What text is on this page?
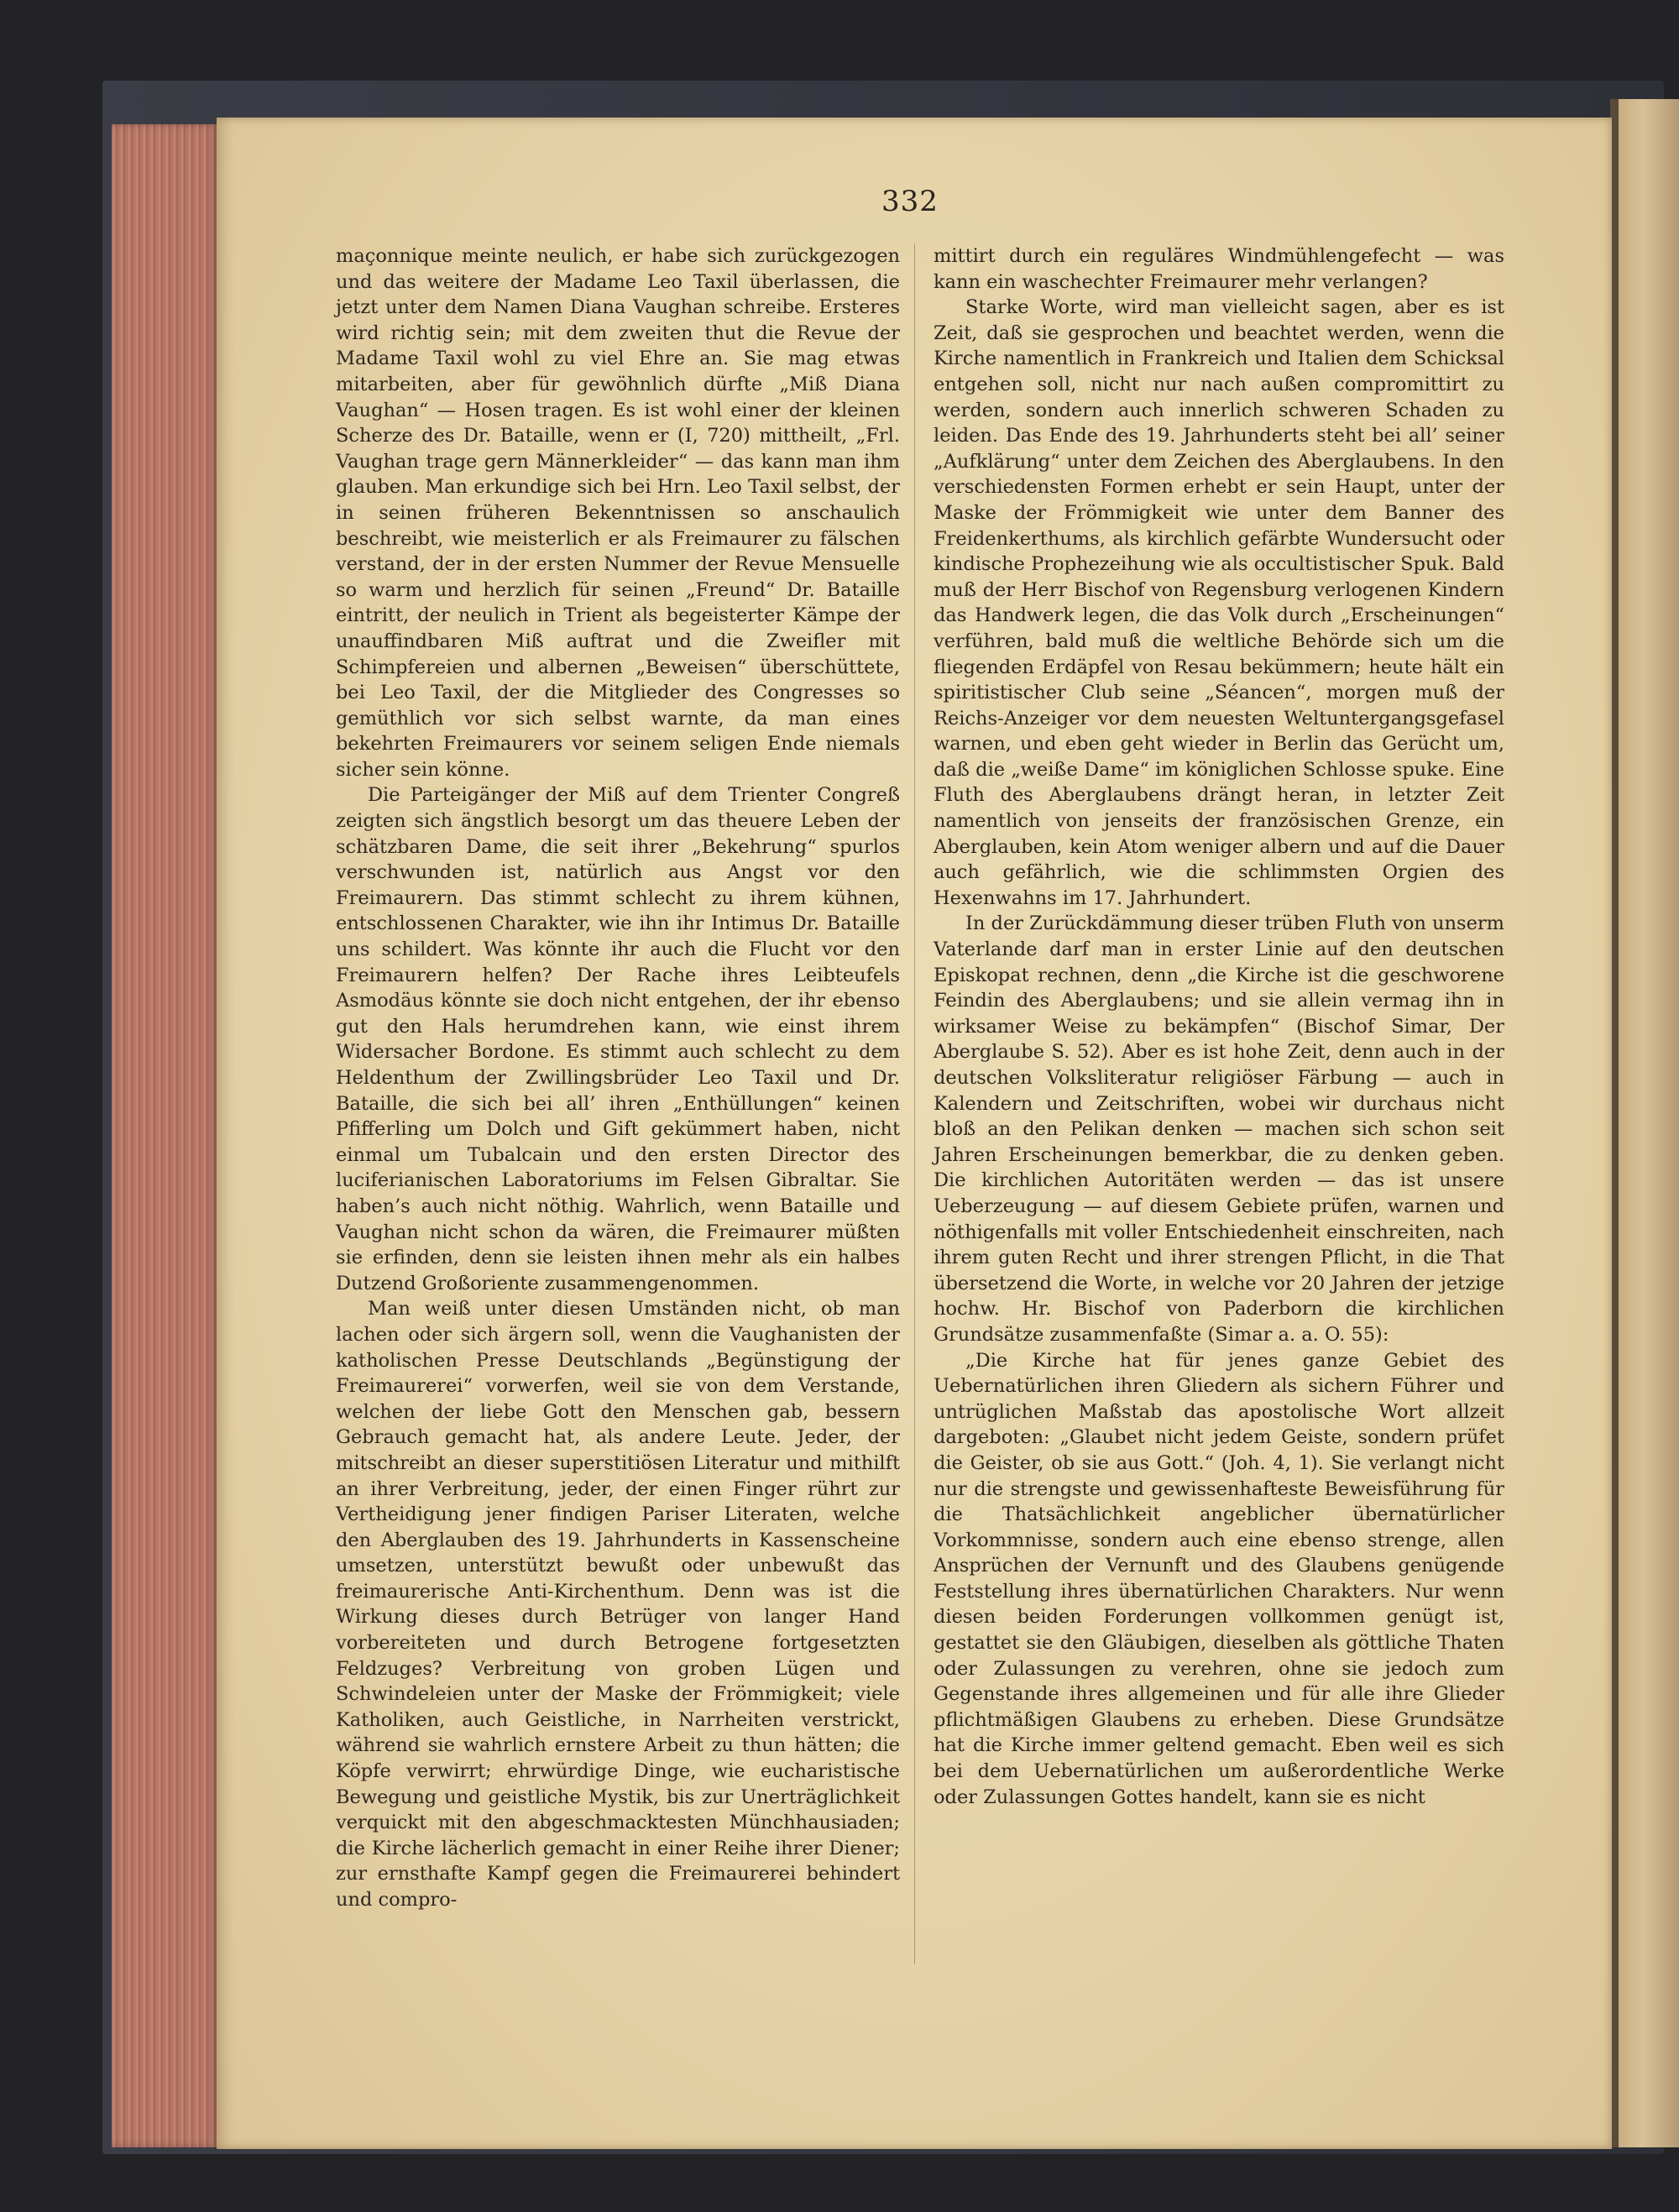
332

maçonnique meinte neulich, er habe sich zurückgezogen und das weitere der Madame Leo Taxil überlassen, die jetzt unter dem Namen Diana Vaughan schreibe. Ersteres wird richtig sein; mit dem zweiten thut die Revue der Madame Taxil wohl zu viel Ehre an. Sie mag etwas mitarbeiten, aber für gewöhnlich dürfte „Miß Diana Vaughan“ — Hosen tragen. Es ist wohl einer der kleinen Scherze des Dr. Bataille, wenn er (I, 720) mittheilt, „Frl. Vaughan trage gern Männerkleider“ — das kann man ihm glauben. Man erkundige sich bei Hrn. Leo Taxil selbst, der in seinen früheren Bekenntnissen so anschaulich beschreibt, wie meisterlich er als Freimaurer zu fälschen verstand, der in der ersten Nummer der Revue Mensuelle so warm und herzlich für seinen „Freund“ Dr. Bataille eintritt, der neulich in Trient als begeisterter Kämpe der unauffindbaren Miß auftrat und die Zweifler mit Schimpfereien und albernen „Beweisen“ überschüttete, bei Leo Taxil, der die Mitglieder des Congresses so gemüthlich vor sich selbst warnte, da man eines bekehrten Freimaurers vor seinem seligen Ende niemals sicher sein könne.

Die Parteigänger der Miß auf dem Trienter Congreß zeigten sich ängstlich besorgt um das theuere Leben der schätzbaren Dame, die seit ihrer „Bekehrung“ spurlos verschwunden ist, natürlich aus Angst vor den Freimaurern. Das stimmt schlecht zu ihrem kühnen, entschlossenen Charakter, wie ihn ihr Intimus Dr. Bataille uns schildert. Was könnte ihr auch die Flucht vor den Freimaurern helfen? Der Rache ihres Leibteufels Asmodäus könnte sie doch nicht entgehen, der ihr ebenso gut den Hals herumdrehen kann, wie einst ihrem Widersacher Bordone. Es stimmt auch schlecht zu dem Heldenthum der Zwillingsbrüder Leo Taxil und Dr. Bataille, die sich bei all’ ihren „Enthüllungen“ keinen Pfifferling um Dolch und Gift gekümmert haben, nicht einmal um Tubalcain und den ersten Director des luciferianischen Laboratoriums im Felsen Gibraltar. Sie haben’s auch nicht nöthig. Wahrlich, wenn Bataille und Vaughan nicht schon da wären, die Freimaurer müßten sie erfinden, denn sie leisten ihnen mehr als ein halbes Dutzend Großoriente zusammengenommen.

Man weiß unter diesen Umständen nicht, ob man lachen oder sich ärgern soll, wenn die Vaughanisten der katholischen Presse Deutschlands „Begünstigung der Freimaurerei“ vorwerfen, weil sie von dem Verstande, welchen der liebe Gott den Menschen gab, bessern Gebrauch gemacht hat, als andere Leute. Jeder, der mitschreibt an dieser superstitiösen Literatur und mithilft an ihrer Verbreitung, jeder, der einen Finger rührt zur Vertheidigung jener findigen Pariser Literaten, welche den Aberglauben des 19. Jahrhunderts in Kassenscheine umsetzen, unterstützt bewußt oder unbewußt das freimaurerische Anti-Kirchenthum. Denn was ist die Wirkung dieses durch Betrüger von langer Hand vorbereiteten und durch Betrogene fortgesetzten Feldzuges? Verbreitung von groben Lügen und Schwindeleien unter der Maske der Frömmigkeit; viele Katholiken, auch Geistliche, in Narrheiten verstrickt, während sie wahrlich ernstere Arbeit zu thun hätten; die Köpfe verwirrt; ehrwürdige Dinge, wie eucharistische Bewegung und geistliche Mystik, bis zur Unerträglichkeit verquickt mit den abgeschmacktesten Münchhausiaden; die Kirche lächerlich gemacht in einer Reihe ihrer Diener; zur ernsthafte Kampf gegen die Freimaurerei behindert und compro-

mittirt durch ein reguläres Windmühlengefecht — was kann ein waschechter Freimaurer mehr verlangen?

Starke Worte, wird man vielleicht sagen, aber es ist Zeit, daß sie gesprochen und beachtet werden, wenn die Kirche namentlich in Frankreich und Italien dem Schicksal entgehen soll, nicht nur nach außen compromittirt zu werden, sondern auch innerlich schweren Schaden zu leiden. Das Ende des 19. Jahrhunderts steht bei all’ seiner „Aufklärung“ unter dem Zeichen des Aberglaubens. In den verschiedensten Formen erhebt er sein Haupt, unter der Maske der Frömmigkeit wie unter dem Banner des Freidenkerthums, als kirchlich gefärbte Wundersucht oder kindische Prophezeihung wie als occultistischer Spuk. Bald muß der Herr Bischof von Regensburg verlogenen Kindern das Handwerk legen, die das Volk durch „Erscheinungen“ verführen, bald muß die weltliche Behörde sich um die fliegenden Erdäpfel von Resau bekümmern; heute hält ein spiritistischer Club seine „Séancen“, morgen muß der Reichs-Anzeiger vor dem neuesten Weltuntergangsgefasel warnen, und eben geht wieder in Berlin das Gerücht um, daß die „weiße Dame“ im königlichen Schlosse spuke. Eine Fluth des Aberglaubens drängt heran, in letzter Zeit namentlich von jenseits der französischen Grenze, ein Aberglauben, kein Atom weniger albern und auf die Dauer auch gefährlich, wie die schlimmsten Orgien des Hexenwahns im 17. Jahrhundert.

In der Zurückdämmung dieser trüben Fluth von unserm Vaterlande darf man in erster Linie auf den deutschen Episkopat rechnen, denn „die Kirche ist die geschworene Feindin des Aberglaubens; und sie allein vermag ihn in wirksamer Weise zu bekämpfen“ (Bischof Simar, Der Aberglaube S. 52). Aber es ist hohe Zeit, denn auch in der deutschen Volksliteratur religiöser Färbung — auch in Kalendern und Zeitschriften, wobei wir durchaus nicht bloß an den Pelikan denken — machen sich schon seit Jahren Erscheinungen bemerkbar, die zu denken geben. Die kirchlichen Autoritäten werden — das ist unsere Ueberzeugung — auf diesem Gebiete prüfen, warnen und nöthigenfalls mit voller Entschiedenheit einschreiten, nach ihrem guten Recht und ihrer strengen Pflicht, in die That übersetzend die Worte, in welche vor 20 Jahren der jetzige hochw. Hr. Bischof von Paderborn die kirchlichen Grundsätze zusammenfaßte (Simar a. a. O. 55):

„Die Kirche hat für jenes ganze Gebiet des Uebernatürlichen ihren Gliedern als sichern Führer und untrüglichen Maßstab das apostolische Wort allzeit dargeboten: „Glaubet nicht jedem Geiste, sondern prüfet die Geister, ob sie aus Gott.“ (Joh. 4, 1). Sie verlangt nicht nur die strengste und gewissenhafteste Beweisführung für die Thatsächlichkeit angeblicher übernatürlicher Vorkommnisse, sondern auch eine ebenso strenge, allen Ansprüchen der Vernunft und des Glaubens genügende Feststellung ihres übernatürlichen Charakters. Nur wenn diesen beiden Forderungen vollkommen genügt ist, gestattet sie den Gläubigen, dieselben als göttliche Thaten oder Zulassungen zu verehren, ohne sie jedoch zum Gegenstande ihres allgemeinen und für alle ihre Glieder pflichtmäßigen Glaubens zu erheben. Diese Grundsätze hat die Kirche immer geltend gemacht. Eben weil es sich bei dem Uebernatürlichen um außerordentliche Werke oder Zulassungen Gottes handelt, kann sie es nicht
